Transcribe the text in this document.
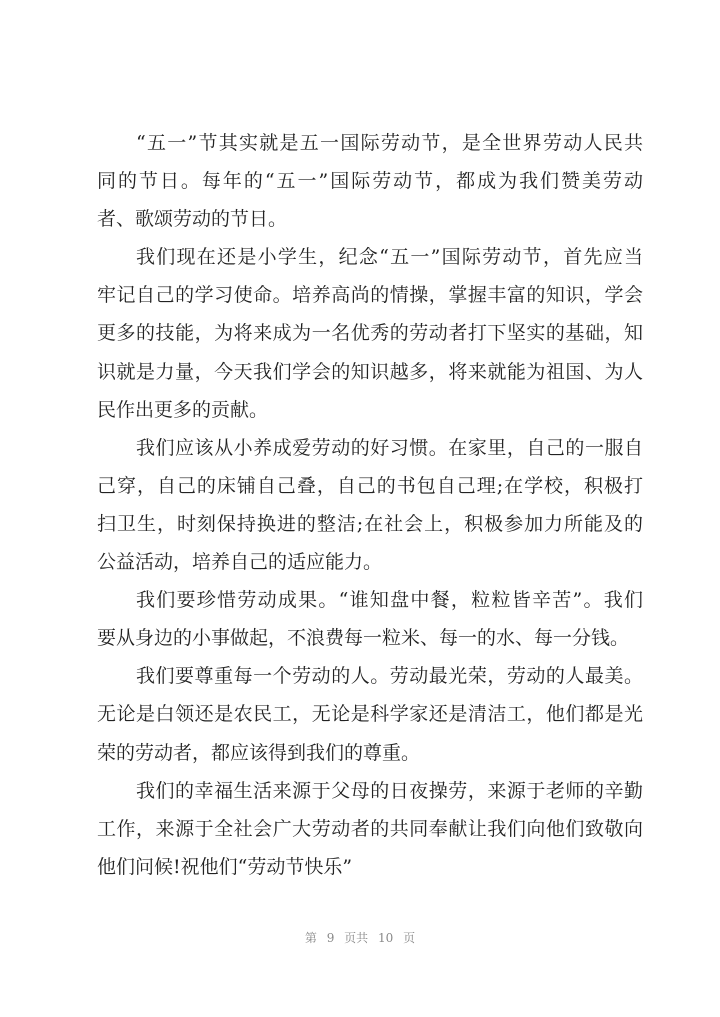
“五一”节其实就是五一国际劳动节，是全世界劳动人民共
同的节日。每年的“五一”国际劳动节，都成为我们赞美劳动
者、歌颂劳动的节日。
我们现在还是小学生，纪念“五一”国际劳动节，首先应当
牢记自己的学习使命。培养高尚的情操，掌握丰富的知识，学会
更多的技能，为将来成为一名优秀的劳动者打下坚实的基础，知
识就是力量，今天我们学会的知识越多，将来就能为祖国、为人
民作出更多的贡献。
我们应该从小养成爱劳动的好习惯。在家里，自己的一服自
己穿，自己的床铺自己叠，自己的书包自己理;在学校，积极打
扫卫生，时刻保持换进的整洁;在社会上，积极参加力所能及的
公益活动，培养自己的适应能力。
我们要珍惜劳动成果。“谁知盘中餐，粒粒皆辛苦”。我们
要从身边的小事做起，不浪费每一粒米、每一的水、每一分钱。
我们要尊重每一个劳动的人。劳动最光荣，劳动的人最美。
无论是白领还是农民工，无论是科学家还是清洁工，他们都是光
荣的劳动者，都应该得到我们的尊重。
我们的幸福生活来源于父母的日夜操劳，来源于老师的辛勤
工作，来源于全社会广大劳动者的共同奉献让我们向他们致敬向
他们问候!祝他们“劳动节快乐”
第 9 页共 10 页
